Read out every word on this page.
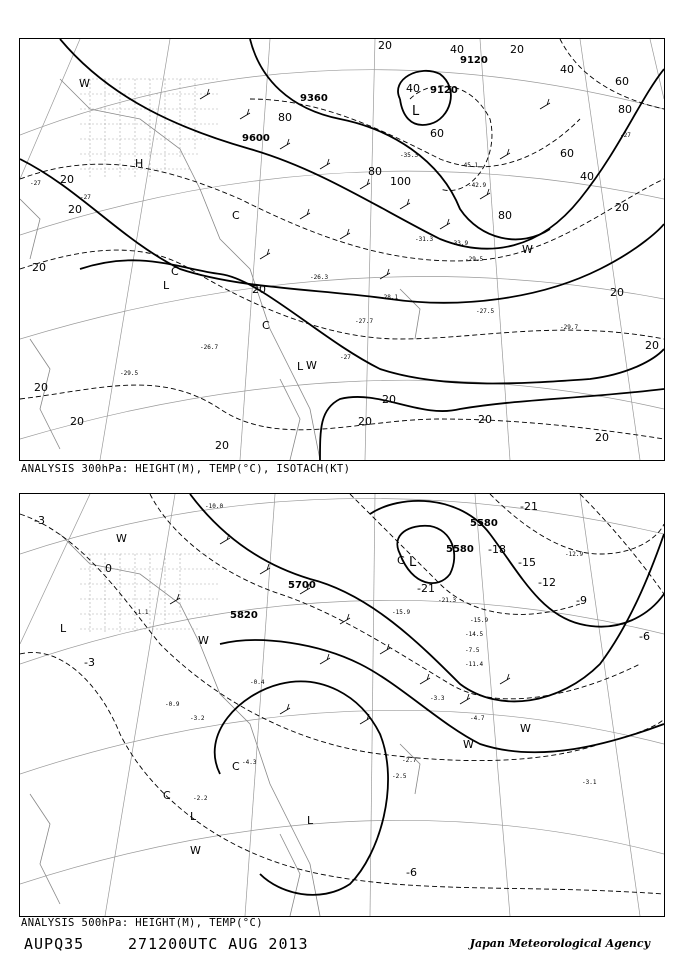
9120
9120
9360
9600
20
20
20
20
20
20
20
20
20
20
20
20
20
20
20
20
40
40
40
40
60
60
60
80
80
80
80
100
-26.3
-28.1
-27.7
-29.5
-33.9
-42.9
-45.1
-35.3
-29.5
-27.5
-29.7
-26.7
-31.3
-27
-27
-27
-27
L
L
L
H
C
C
C
W
W
W
ANALYSIS 300hPa: HEIGHT(M), TEMP(°C), ISOTACH(KT)
5580
5580
5700
5820
-3
-3
-6
-6
-9
-12
-15
-18
-21
-21
0
-10.0
-12.9
-15.9
-21.3
-15.9
-14.5
-11.4
-7.5
-3.3
-4.7
-2.7
-2.5
-3.1
-0.4
-0.9
-1.1
-2.2
-3.2
-4.3
L
L
L	L
C
C
C
W
W
W
W
W
ANALYSIS 500hPa: HEIGHT(M), TEMP(°C)
AUPQ35	271200UTC AUG 2013	Japan Meteorological Agency
